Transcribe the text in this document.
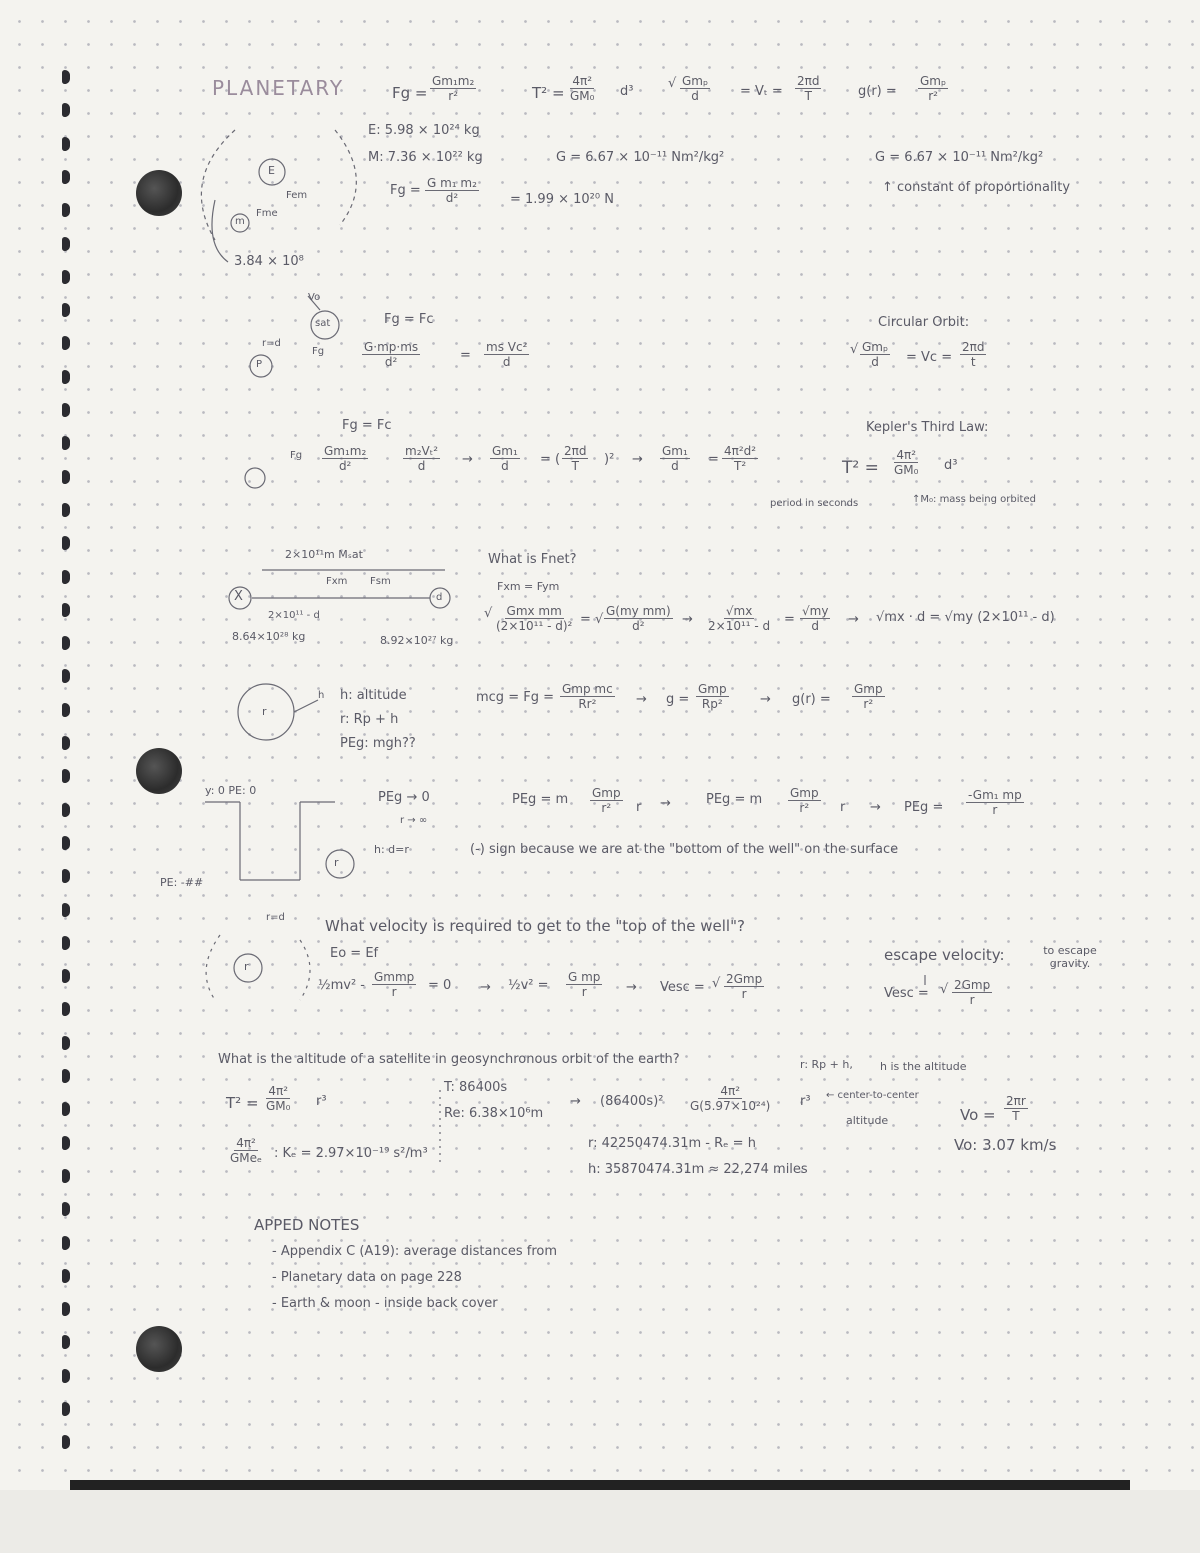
PLANETARY	$Fg = \frac{\text{Gm₁m₂}}{\text{r²}}$	$T^2 = \frac{\text{4π²}}{\text{GM₀}} d^3$
√ Gmₚ
d	= $V_t = \frac{2\pi d}{T}$	g(r) =
Gmₚ
r²
E: 5.98 × 10²⁴ kg
M: 7.36 × 10²² kg	G = 6.67 × 10⁻¹¹ Nm²/kg²
$Fg = \frac{\text{G m₁ m₂}}{\text{d²}} = 1.99 \times 10^{20}$ N
3.84 × 10⁸
E
m
Fem
Fme
G = 6.67 × 10⁻¹¹ Nm²/kg²
↑ constant of proportionality
Vo
sat
P
Fg
r=d
Fg = Fc
$\frac{G\cdot mp\cdot ms}{\text{d²}}$	= $\frac{\text{ms Vc²}}{d}$
Circular Orbit:
√ Gmₚ
$d = Vc = \frac{2\pi d}{t}$
Fg = Fc
Fg $\frac{\text{Gm₁m₂}}{\text{d²}}$	$\frac{\text{m₂Vₜ²}}{d} \to \frac{\text{Gm₁}}{d}$ = ( $\frac{2\pi d}{T} )^2 \to \frac{\text{Gm₁}}{d} = \frac{\text{4π²d²}}{\text{T²}}$
Kepler's Third Law:
$T^2 = \frac{\text{4π²}}{\text{GM₀}} d^3$
period in seconds	↑M₀: mass being orbited
2×10¹¹m Mₛat
Fxm Fsm
X	d
2×10¹¹ - d
8.64×10²⁸ kg	8.92×10²⁷ kg
What is Fnet?
Fxm = Fym
√ Gmx mm
(2×10¹¹ - d)² = √ $\frac{\text{G(my mm)}}{\text{d²}} \to \frac{√mx}{\text{2×10¹¹ - d}} = \frac{√my}{d} \to √mx \cdot d = √my$ (2×10¹¹ - d)
r
h h: altitude
r: Rp + h
PEg: mgh??
mcg = Fg =
Gmp mc
Rr²	→ g =
Gmp
Rp²	→ g(r) =
Gmp
r²
y: 0 PE: 0
PE: -##
r
PEg → 0
r → ∞
h: d=r
PEg = m Gmp
r² r →	PEg = m Gmp
r² r → PEg = $\frac{\text{-Gm₁ mp}}{r}$
(-) sign because we are at the "bottom of the well" on the surface
r=d
r
What velocity is required to get to the "top of the well"?
Eo = Ef
½mv² -
Gmmp
r = 0 → ½v² = $\frac{\text{G mp}}{r}$ → Vesc = √ 2Gmp
r
escape velocity:	to escape gravity.
Vesc = √ 2Gmp
r
What is the altitude of a satellite in geosynchronous orbit of the earth?	r: Rp + h, h is the altitude
$T^2 = \frac{\text{4π²}}{\text{GM₀}} r^3$
4π²
GMeₑ : Kₑ = 2.97×10⁻¹⁹ s²/m³
T: 86400s
Re: 6.38×10⁶m
→ $(86400s)^2 \frac{\text{4π²}}{\text{G(5.97×10²⁴)}} r^3$ ← center-to-center
altitude
r: 42250474.31m - Rₑ = h
h: 35870474.31m ≈ 22,274 miles
$Vo = \frac{2\pi r}{T}$
Vo: 3.07 km/s
APPED NOTES
- Appendix C (A19): average distances from
- Planetary data on page 228
- Earth & moon - inside back cover
